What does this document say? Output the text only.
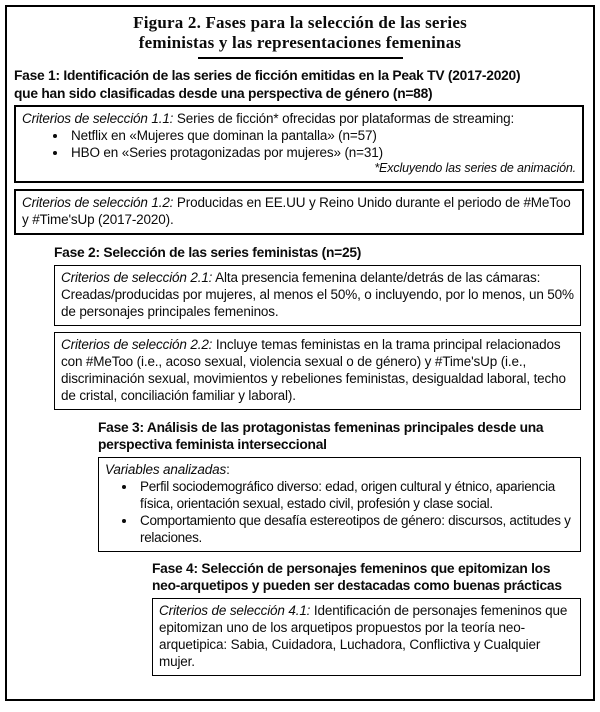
Figura 2. Fases para la selección de las series
feministas y las representaciones femeninas
Fase 1: Identificación de las series de ficción emitidas en la Peak TV (2017-2020)
que han sido clasificadas desde una perspectiva de género (n=88)

Criterios de selección 1.1: Series de ficción* ofrecidas por plataformas de streaming:

• Netflix en «Mujeres que dominan la pantalla» (n=57)
• HBO en «Series protagonizadas por mujeres» (n=31)

*Excluyendo las series de animación.

Criterios de selección 1.2: Producidas en EE.UU y Reino Unido durante el periodo de #MeToo y #Time'sUp (2017-2020).

Fase 2: Selección de las series feministas (n=25)

Criterios de selección 2.1: Alta presencia femenina delante/detrás de las cámaras: Creadas/producidas por mujeres, al menos el 50%, o incluyendo, por lo menos, un 50% de personajes principales femeninos.

Criterios de selección 2.2: Incluye temas feministas en la trama principal relacionados con #MeToo (i.e., acoso sexual, violencia sexual o de género) y #Time'sUp (i.e., discriminación sexual, movimientos y rebeliones feministas, desigualdad laboral, techo de cristal, conciliación familiar y laboral).

Fase 3: Análisis de las protagonistas femeninas principales desde una
perspectiva feminista interseccional

Variables analizadas:

• Perfil sociodemográfico diverso: edad, origen cultural y étnico, apariencia física, orientación sexual, estado civil, profesión y clase social.
• Comportamiento que desafía estereotipos de género: discursos, actitudes y relaciones.
Fase 4: Selección de personajes femeninos que epitomizan los
neo-arquetipos y pueden ser destacadas como buenas prácticas

Criterios de selección 4.1: Identificación de personajes femeninos que epitomizan uno de los arquetipos propuestos por la teoría neo-arquetipica: Sabia, Cuidadora, Luchadora, Conflictiva y Cualquier mujer.
